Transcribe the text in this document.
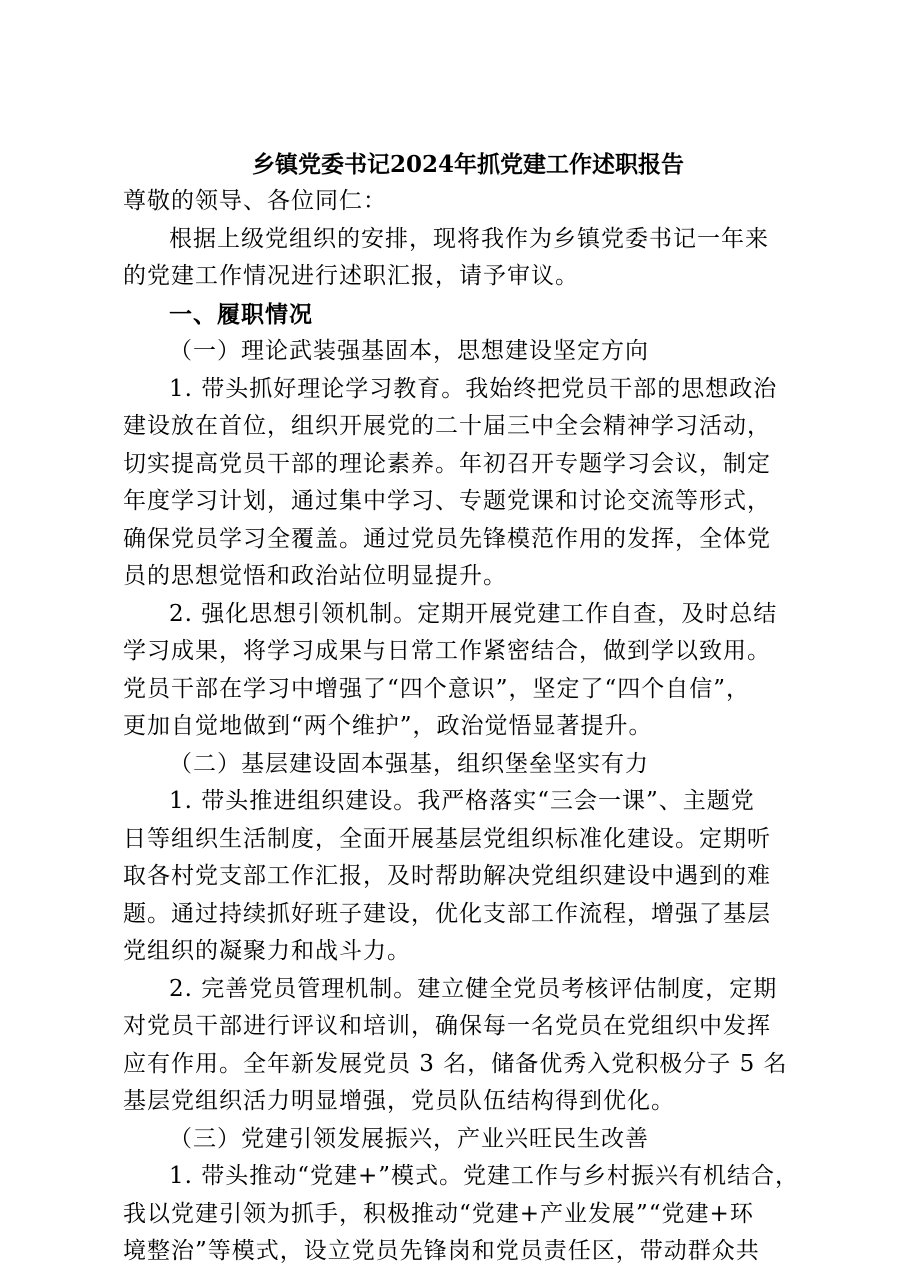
乡镇党委书记2024年抓党建工作述职报告
尊敬的领导、各位同仁：
根据上级党组织的安排，现将我作为乡镇党委书记一年来
的党建工作情况进行述职汇报，请予审议。
一、履职情况
（一）理论武装强基固本，思想建设坚定方向
1. 带头抓好理论学习教育。我始终把党员干部的思想政治
建设放在首位，组织开展党的二十届三中全会精神学习活动，
切实提高党员干部的理论素养。年初召开专题学习会议，制定
年度学习计划，通过集中学习、专题党课和讨论交流等形式，
确保党员学习全覆盖。通过党员先锋模范作用的发挥，全体党
员的思想觉悟和政治站位明显提升。
2. 强化思想引领机制。定期开展党建工作自查，及时总结
学习成果，将学习成果与日常工作紧密结合，做到学以致用。
党员干部在学习中增强了“四个意识”，坚定了“四个自信”，
更加自觉地做到“两个维护”，政治觉悟显著提升。
（二）基层建设固本强基，组织堡垒坚实有力
1. 带头推进组织建设。我严格落实“三会一课”、主题党
日等组织生活制度，全面开展基层党组织标准化建设。定期听
取各村党支部工作汇报，及时帮助解决党组织建设中遇到的难
题。通过持续抓好班子建设，优化支部工作流程，增强了基层
党组织的凝聚力和战斗力。
2. 完善党员管理机制。建立健全党员考核评估制度，定期
对党员干部进行评议和培训，确保每一名党员在党组织中发挥
应有作用。全年新发展党员 3 名，储备优秀入党积极分子 5 名
基层党组织活力明显增强，党员队伍结构得到优化。
（三）党建引领发展振兴，产业兴旺民生改善
1. 带头推动“党建+”模式。党建工作与乡村振兴有机结合，
我以党建引领为抓手，积极推动“党建+产业发展”“党建+环
境整治”等模式，设立党员先锋岗和党员责任区，带动群众共
